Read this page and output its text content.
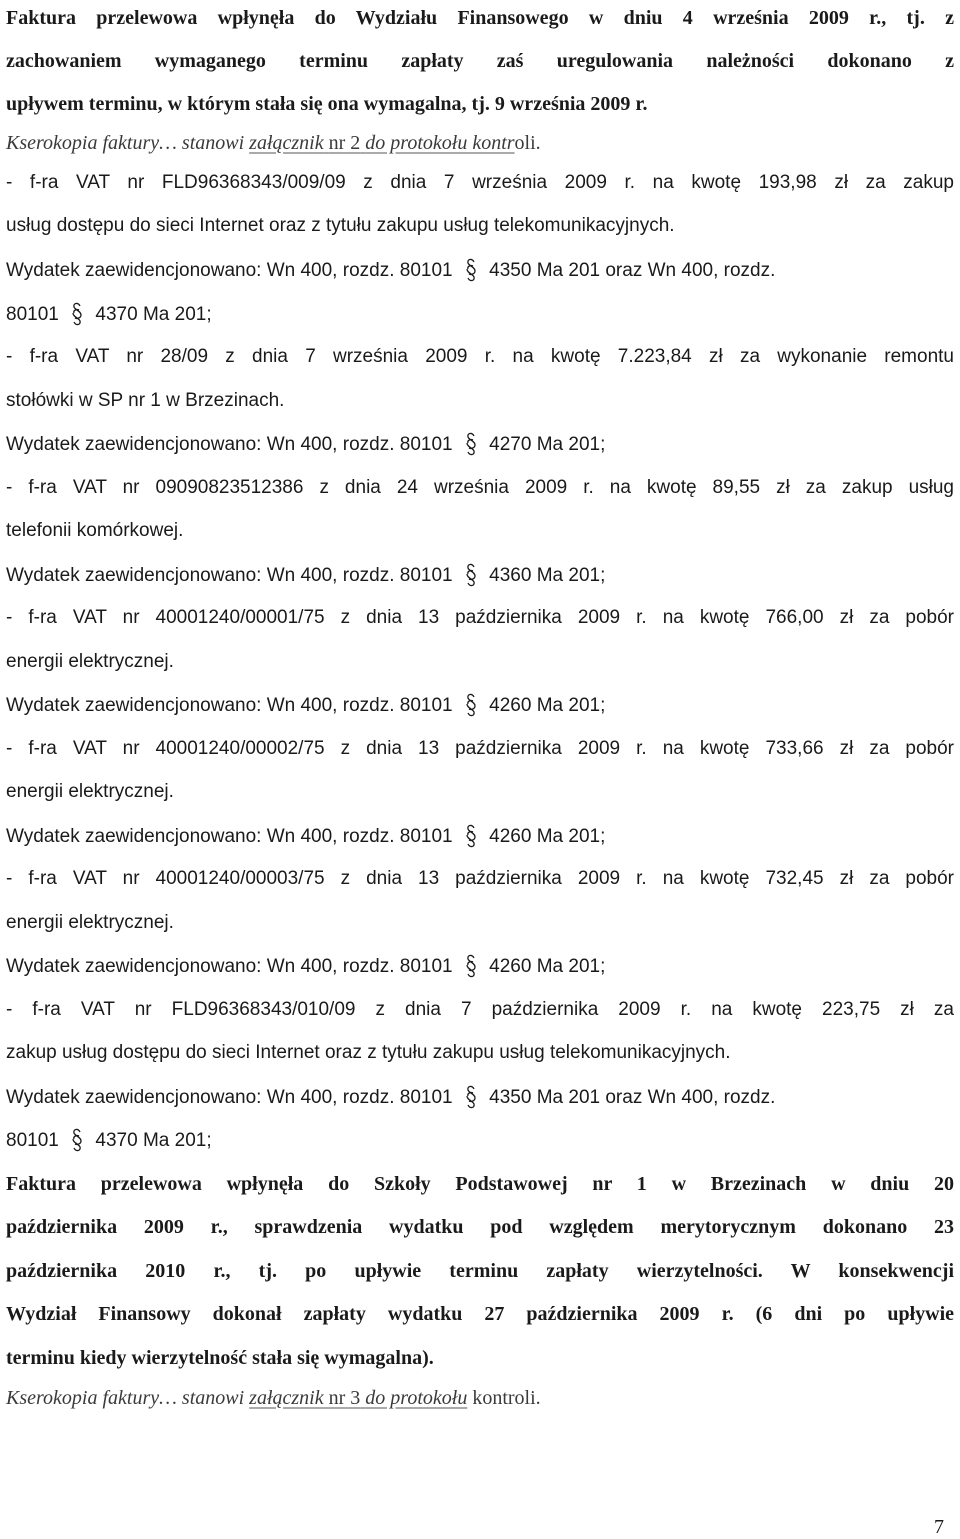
Faktura przelewowa wpłynęła do Wydziału Finansowego w dniu 4 września 2009 r., tj. z
zachowaniem wymaganego terminu zapłaty zaś uregulowania należności dokonano z
upływem terminu, w którym stała się ona wymagalna, tj. 9 września 2009 r.
Kserokopia faktury… stanowi załącznik nr 2 do protokołu kontroli.
- f-ra VAT nr FLD96368343/009/09 z dnia 7 września 2009 r. na kwotę 193,98 zł za zakup
usług dostępu do sieci Internet oraz z tytułu zakupu usług telekomunikacyjnych.
Wydatek zaewidencjonowano: Wn 400, rozdz. 80101  4350 Ma 201 oraz Wn 400, rozdz.
80101  4370 Ma 201;
- f-ra VAT nr 28/09 z dnia 7 września 2009 r. na kwotę 7.223,84 zł za wykonanie remontu
stołówki w SP nr 1 w Brzezinach.
Wydatek zaewidencjonowano: Wn 400, rozdz. 80101  4270 Ma 201;
- f-ra VAT nr 09090823512386 z dnia 24 września 2009 r. na kwotę 89,55 zł za zakup usług
telefonii komórkowej.
Wydatek zaewidencjonowano: Wn 400, rozdz. 80101  4360 Ma 201;
- f-ra VAT nr 40001240/00001/75 z dnia 13 października 2009 r. na kwotę 766,00 zł za pobór
energii elektrycznej.
Wydatek zaewidencjonowano: Wn 400, rozdz. 80101  4260 Ma 201;
- f-ra VAT nr 40001240/00002/75 z dnia 13 października 2009 r. na kwotę 733,66 zł za pobór
energii elektrycznej.
Wydatek zaewidencjonowano: Wn 400, rozdz. 80101  4260 Ma 201;
- f-ra VAT nr 40001240/00003/75 z dnia 13 października 2009 r. na kwotę 732,45 zł za pobór
energii elektrycznej.
Wydatek zaewidencjonowano: Wn 400, rozdz. 80101  4260 Ma 201;
- f-ra VAT nr FLD96368343/010/09 z dnia 7 października 2009 r. na kwotę 223,75 zł za
zakup usług dostępu do sieci Internet oraz z tytułu zakupu usług telekomunikacyjnych.
Wydatek zaewidencjonowano: Wn 400, rozdz. 80101  4350 Ma 201 oraz Wn 400, rozdz.
80101  4370 Ma 201;
Faktura przelewowa wpłynęła do Szkoły Podstawowej nr 1 w Brzezinach w dniu 20
października 2009 r., sprawdzenia wydatku pod względem merytorycznym dokonano 23
października 2010 r., tj. po upływie terminu zapłaty wierzytelności. W konsekwencji
Wydział Finansowy dokonał zapłaty wydatku 27 października 2009 r. (6 dni po upływie
terminu kiedy wierzytelność stała się wymagalna).
Kserokopia faktury… stanowi załącznik nr 3 do protokołu kontroli.
7
